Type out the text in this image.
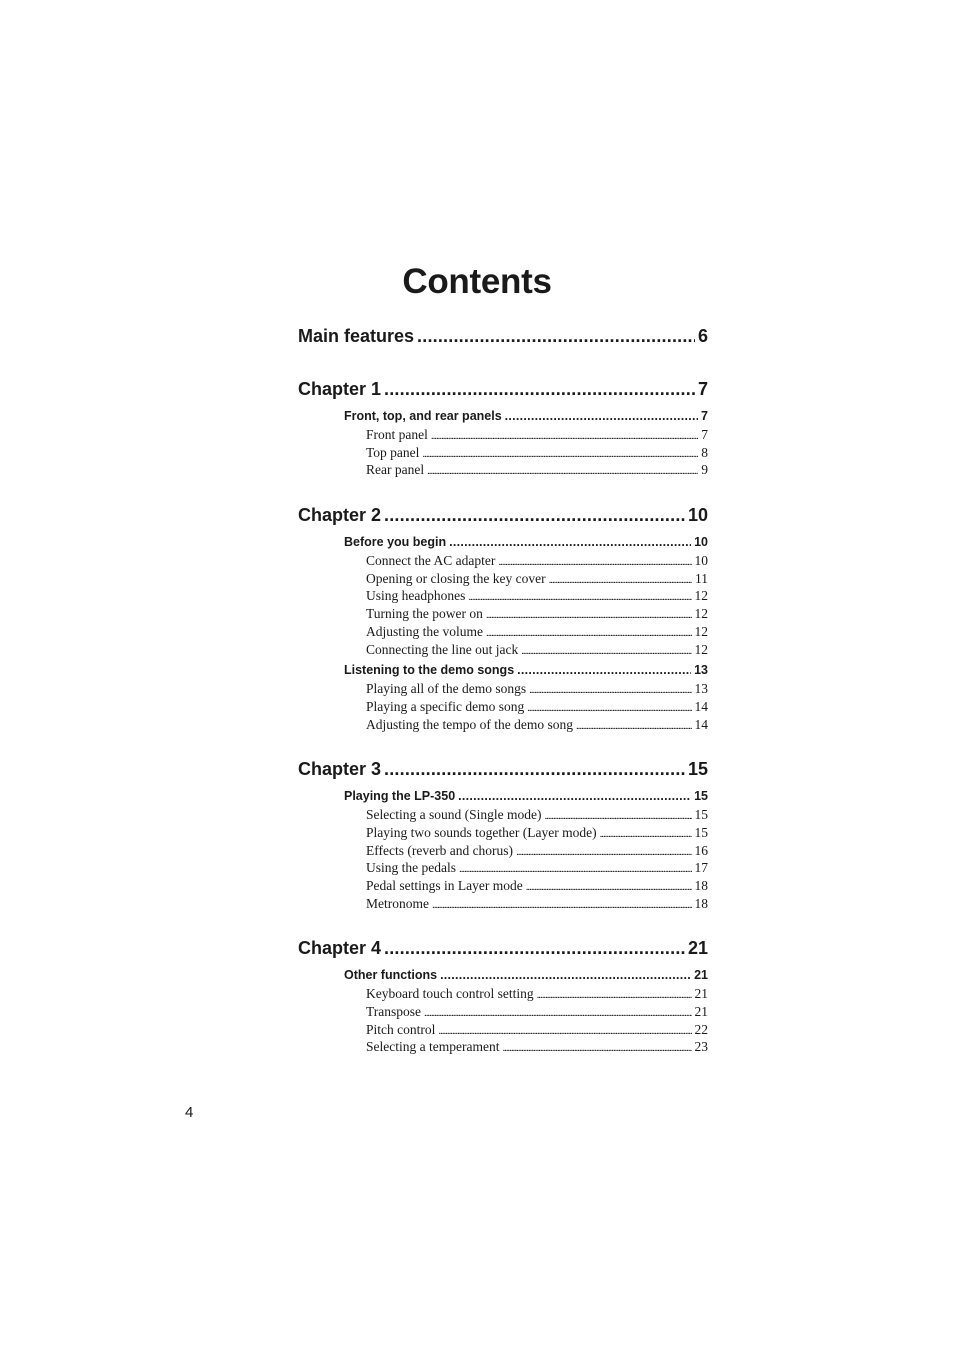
Contents
Main features . . .	6
Chapter 1 . . .	7
Front, top, and rear panels . . .	7
Front panel . . .	7
Top panel . . .	8
Rear panel . . .	9
Chapter 2 . . .	10
Before you begin . . .	10
Connect the AC adapter . . .	10
Opening or closing the key cover . . .	11
Using headphones . . .	12
Turning the power on . . .	12
Adjusting the volume . . .	12
Connecting the line out jack . . .	12
Listening to the demo songs . . .	13
Playing all of the demo songs . . .	13
Playing a specific demo song . . .	14
Adjusting the tempo of the demo song . . .	14
Chapter 3 . . .	15
Playing the LP-350 . . .	15
Selecting a sound (Single mode) . . .	15
Playing two sounds together (Layer mode) . . .	15
Effects (reverb and chorus) . . .	16
Using the pedals . . .	17
Pedal settings in Layer mode . . .	18
Metronome . . .	18
Chapter 4 . . .	21
Other functions . . .	21
Keyboard touch control setting . . .	21
Transpose . . .	21
Pitch control . . .	22
Selecting a temperament . . .	23
4
